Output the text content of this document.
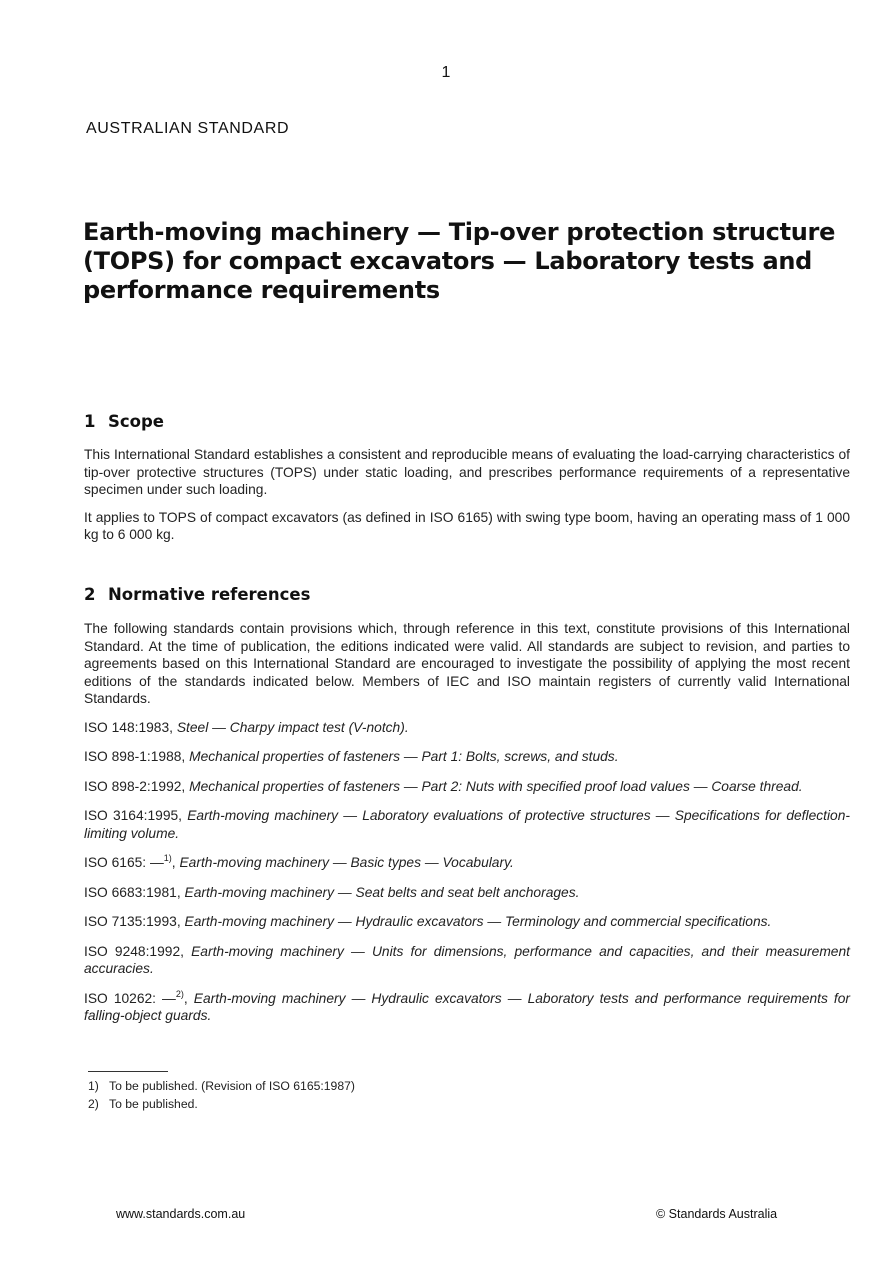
1
AUSTRALIAN STANDARD
Earth-moving machinery — Tip-over protection structure (TOPS) for compact excavators — Laboratory tests and performance requirements
1 Scope

This International Standard establishes a consistent and reproducible means of evaluating the load-carrying characteristics of tip-over protective structures (TOPS) under static loading, and prescribes performance requirements of a representative specimen under such loading.

It applies to TOPS of compact excavators (as defined in ISO 6165) with swing type boom, having an operating mass of 1 000 kg to 6 000 kg.

2 Normative references

The following standards contain provisions which, through reference in this text, constitute provisions of this International Standard. At the time of publication, the editions indicated were valid. All standards are subject to revision, and parties to agreements based on this International Standard are encouraged to investigate the possibility of applying the most recent editions of the standards indicated below. Members of IEC and ISO maintain registers of currently valid International Standards.

ISO 148:1983, Steel — Charpy impact test (V-notch).
ISO 898-1:1988, Mechanical properties of fasteners — Part 1: Bolts, screws, and studs.
ISO 898-2:1992, Mechanical properties of fasteners — Part 2: Nuts with specified proof load values — Coarse thread.
ISO 3164:1995, Earth-moving machinery — Laboratory evaluations of protective structures — Specifications for deflection-limiting volume.
ISO 6165: —$^{1)}$, Earth-moving machinery — Basic types — Vocabulary.
ISO 6683:1981, Earth-moving machinery — Seat belts and seat belt anchorages.
ISO 7135:1993, Earth-moving machinery — Hydraulic excavators — Terminology and commercial specifications.
ISO 9248:1992, Earth-moving machinery — Units for dimensions, performance and capacities, and their measurement accuracies.
ISO 10262: —$^{2)}$, Earth-moving machinery — Hydraulic excavators — Laboratory tests and performance requirements for falling-object guards.
1) To be published. (Revision of ISO 6165:1987)
2) To be published.
www.standards.com.au	© Standards Australia
